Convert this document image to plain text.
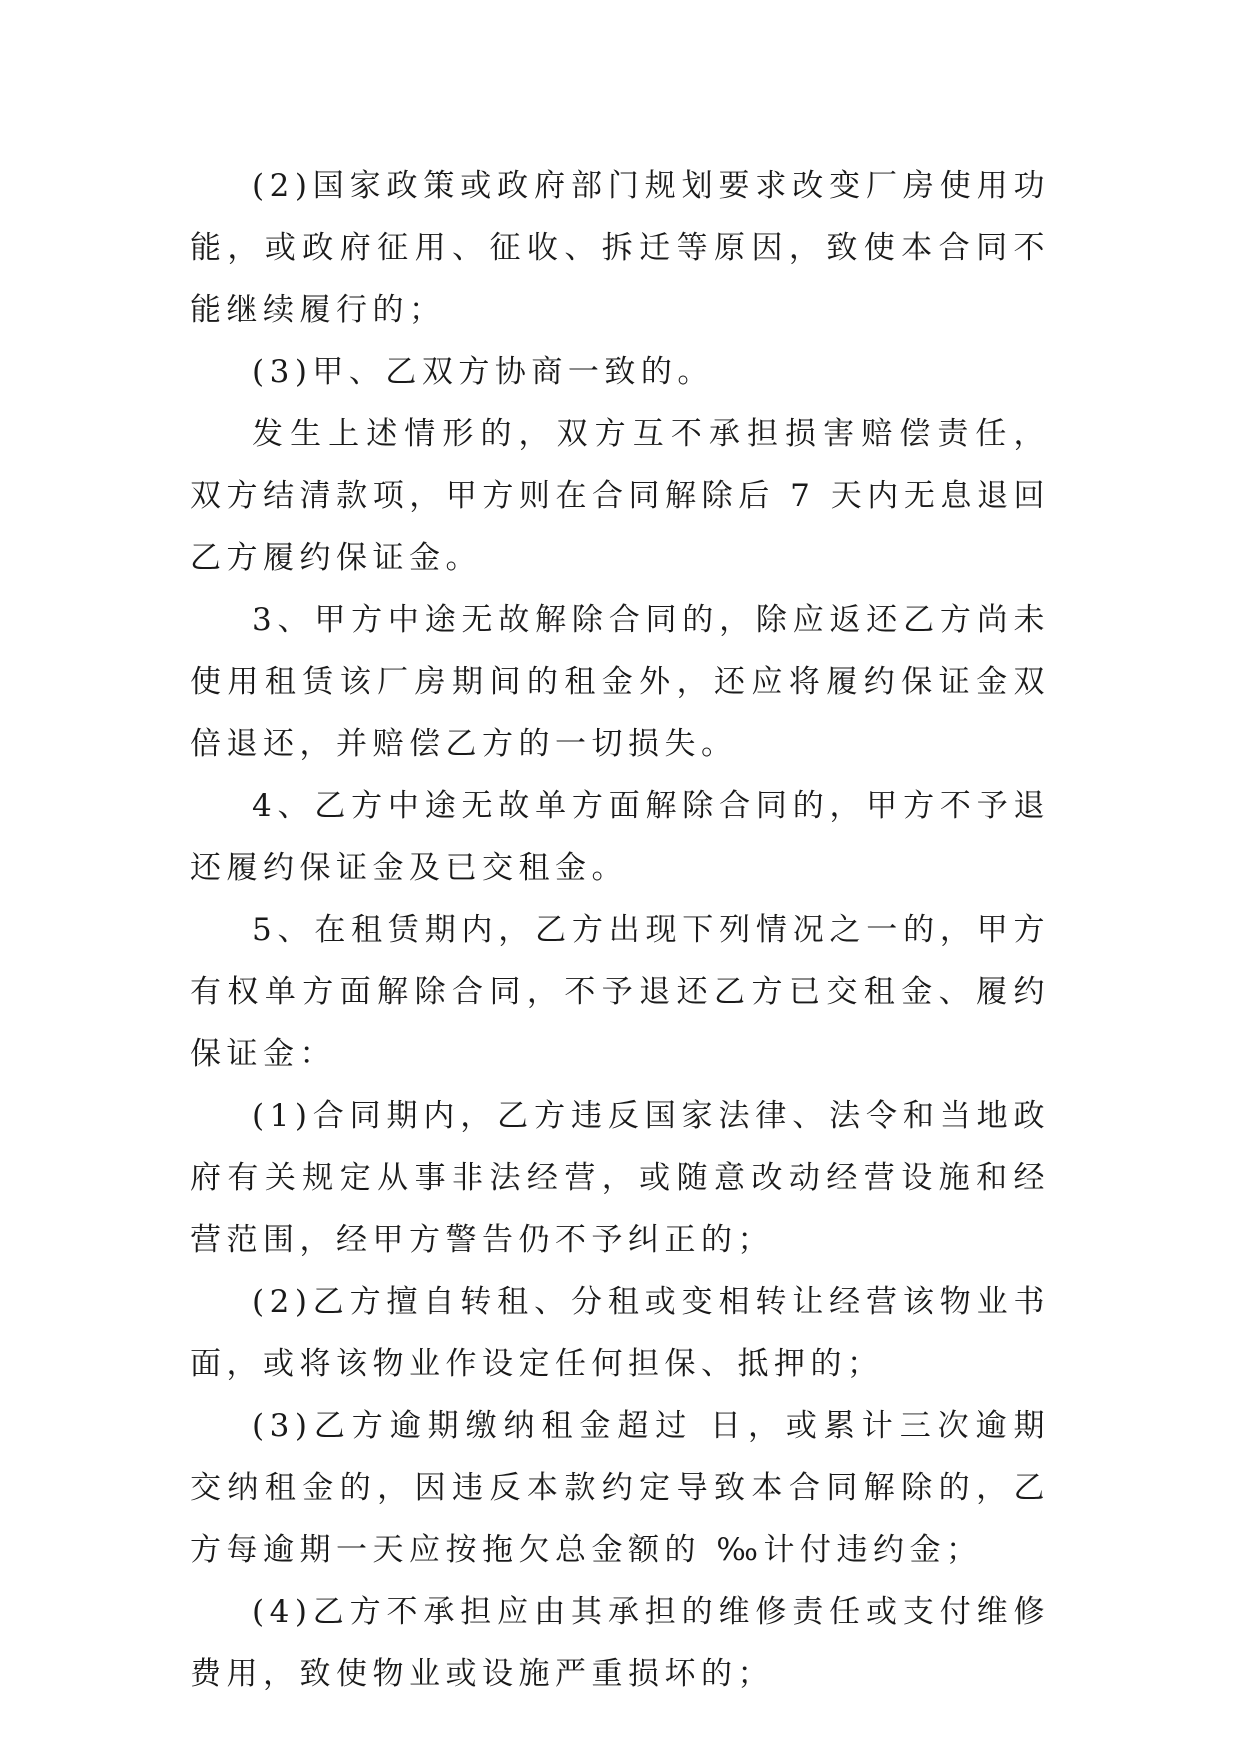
(2)国家政策或政府部门规划要求改变厂房使用功能，或政府征用、征收、拆迁等原因，致使本合同不能继续履行的；

(3)甲、乙双方协商一致的。

发生上述情形的，双方互不承担损害赔偿责任，双方结清款项，甲方则在合同解除后 7 天内无息退回乙方履约保证金。

3、甲方中途无故解除合同的，除应返还乙方尚未使用租赁该厂房期间的租金外，还应将履约保证金双倍退还，并赔偿乙方的一切损失。

4、乙方中途无故单方面解除合同的，甲方不予退还履约保证金及已交租金。

5、在租赁期内，乙方出现下列情况之一的，甲方有权单方面解除合同，不予退还乙方已交租金、履约保证金：

(1)合同期内，乙方违反国家法律、法令和当地政府有关规定从事非法经营，或随意改动经营设施和经营范围，经甲方警告仍不予纠正的；

(2)乙方擅自转租、分租或变相转让经营该物业书面，或将该物业作设定任何担保、抵押的；

(3)乙方逾期缴纳租金超过 日，或累计三次逾期交纳租金的，因违反本款约定导致本合同解除的，乙方每逾期一天应按拖欠总金额的 ‰计付违约金；

(4)乙方不承担应由其承担的维修责任或支付维修费用，致使物业或设施严重损坏的；
